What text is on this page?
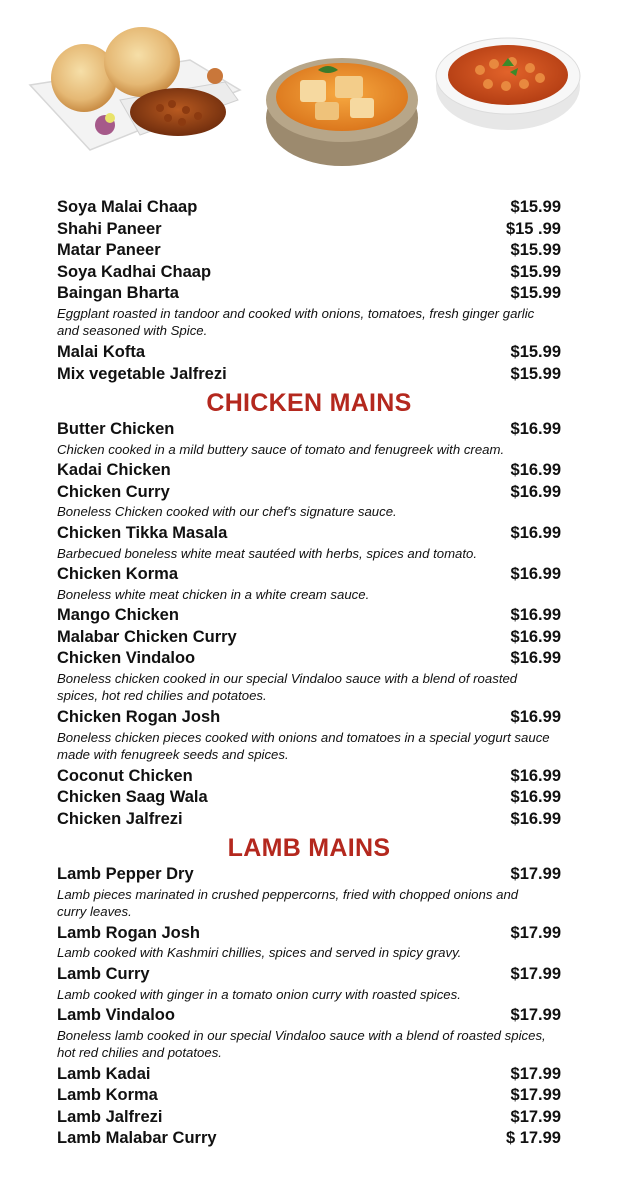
Soya Malai Chaap	$15.99
Shahi Paneer	$15 .99
Matar Paneer	$15.99
Soya Kadhai Chaap	$15.99
Baingan Bharta	$15.99
Eggplant roasted in tandoor and cooked with onions, tomatoes, fresh ginger garlic and seasoned with Spice.
Malai Kofta	$15.99
Mix vegetable Jalfrezi	$15.99
CHICKEN MAINS
Butter Chicken	$16.99
Chicken cooked in a mild buttery sauce of tomato and fenugreek with cream.
Kadai Chicken	$16.99
Chicken Curry	$16.99
Boneless Chicken cooked with our chef's signature sauce.
Chicken Tikka Masala	$16.99
Barbecued boneless white meat sautéed with herbs, spices and tomato.
Chicken Korma	$16.99
Boneless white meat chicken in a white cream sauce.
Mango Chicken	$16.99
Malabar Chicken Curry	$16.99
Chicken Vindaloo	$16.99
Boneless chicken cooked in our special Vindaloo sauce with a blend of roasted spices, hot red chilies and potatoes.
Chicken Rogan Josh	$16.99
Boneless chicken pieces cooked with onions and tomatoes in a special yogurt sauce made with fenugreek seeds and spices.
Coconut Chicken	$16.99
Chicken Saag Wala	$16.99
Chicken Jalfrezi	$16.99
LAMB MAINS
Lamb Pepper Dry	$17.99
Lamb pieces marinated in crushed peppercorns, fried with chopped onions and curry leaves.
Lamb Rogan Josh	$17.99
Lamb cooked with Kashmiri chillies, spices and served in spicy gravy.
Lamb Curry	$17.99
Lamb cooked with ginger in a tomato onion curry with roasted spices.
Lamb Vindaloo	$17.99
Boneless lamb cooked in our special Vindaloo sauce with a blend of roasted spices, hot red chilies and potatoes.
Lamb Kadai	$17.99
Lamb Korma	$17.99
Lamb Jalfrezi	$17.99
Lamb Malabar Curry	$ 17.99
